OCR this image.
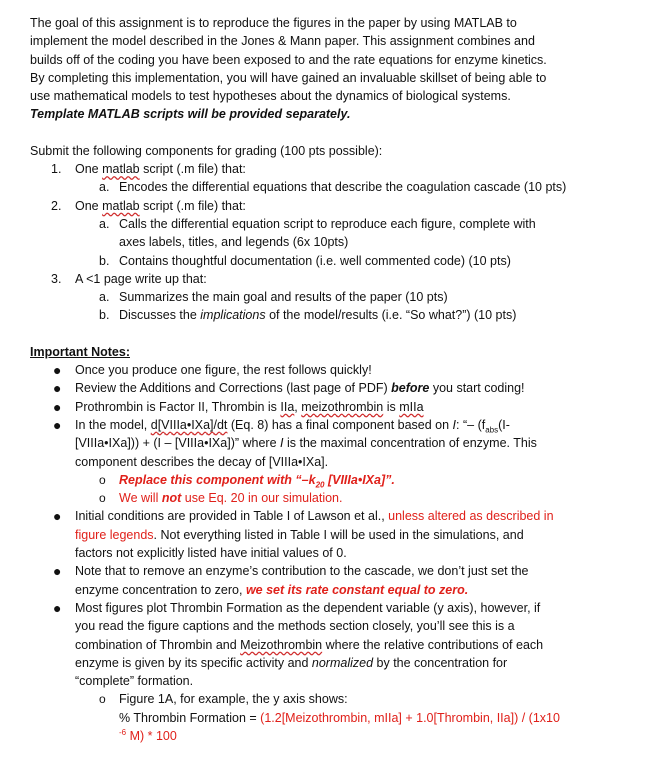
The goal of this assignment is to reproduce the figures in the paper by using MATLAB to

implement the model described in the Jones & Mann paper. This assignment combines and

builds off of the coding you have been exposed to and the rate equations for enzyme kinetics.

By completing this implementation, you will have gained an invaluable skillset of being able to

use mathematical models to test hypotheses about the dynamics of biological systems.

Template MATLAB scripts will be provided separately.

Submit the following components for grading (100 pts possible):

1. One matlab script (.m file) that:
a. Encodes the differential equations that describe the coagulation cascade (10 pts)
2. One matlab script (.m file) that:
a. Calls the differential equation script to reproduce each figure, complete with
axes labels, titles, and legends (6x 10pts)
b. Contains thoughtful documentation (i.e. well commented code) (10 pts)
3. A <1 page write up that:
a. Summarizes the main goal and results of the paper (10 pts)
b. Discusses the implications of the model/results (i.e. “So what?”) (10 pts)

Important Notes:

● Once you produce one figure, the rest follows quickly!
● Review the Additions and Corrections (last page of PDF) before you start coding!
● Prothrombin is Factor II, Thrombin is IIa, meizothrombin is mIIa
● In the model, d[VIIIa•IXa]/dt (Eq. 8) has a final component based on I: “– ($f_{abs}(I-$
[VIIIa•IXa])) + (I – [VIIIa•IXa])” where I is the maximal concentration of enzyme. This
component describes the decay of [VIIIa•IXa].
o Replace this component with “$-k_{20}$ [VIIIa•IXa]”.
o We will not use Eq. 20 in our simulation.
● Initial conditions are provided in Table I of Lawson et al., unless altered as described in
figure legends. Not everything listed in Table I will be used in the simulations, and
factors not explicitly listed have initial values of 0.
● Note that to remove an enzyme’s contribution to the cascade, we don’t just set the
enzyme concentration to zero, we set its rate constant equal to zero.
● Most figures plot Thrombin Formation as the dependent variable (y axis), however, if
you read the figure captions and the methods section closely, you’ll see this is a
combination of Thrombin and Meizothrombin where the relative contributions of each
enzyme is given by its specific activity and normalized by the concentration for
“complete” formation.
o Figure 1A, for example, the y axis shows:
% Thrombin Formation = (1.2[Meizothrombin, mIIa] + 1.0[Thrombin, IIa]) / (1x10
$^{-6}$ M) * 100
